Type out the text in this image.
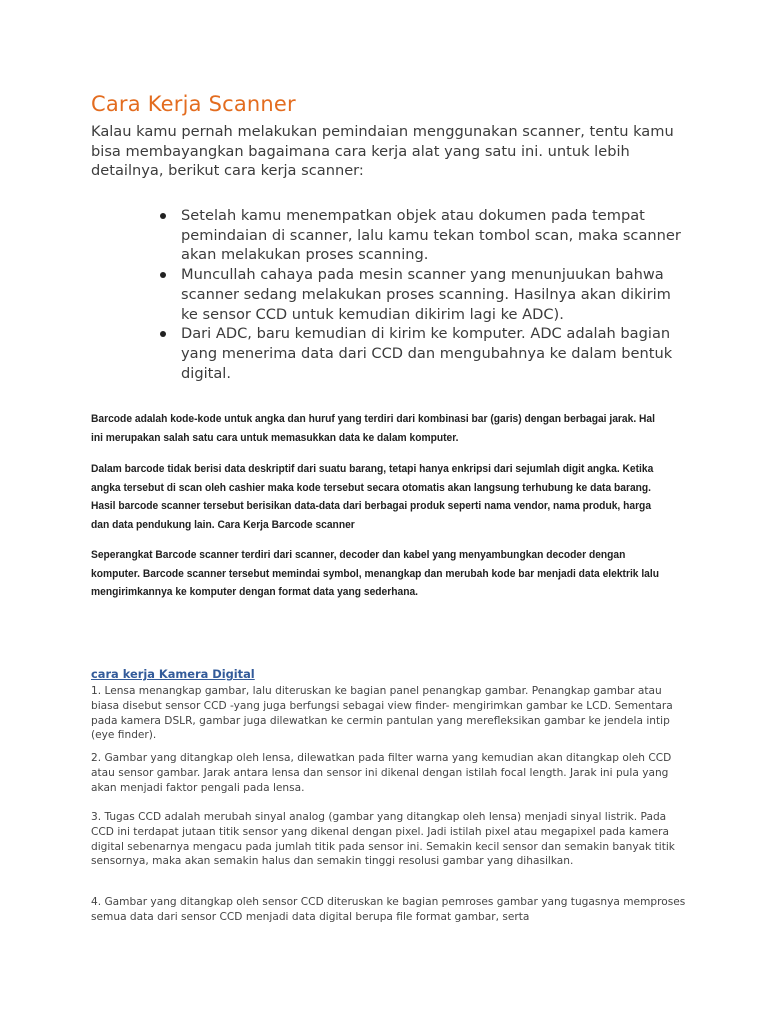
Cara Kerja Scanner

Kalau kamu pernah melakukan pemindaian menggunakan scanner, tentu kamu bisa membayangkan bagaimana cara kerja alat yang satu ini. untuk lebih detailnya, berikut cara kerja scanner:

Setelah kamu menempatkan objek atau dokumen pada tempat pemindaian di scanner, lalu kamu tekan tombol scan, maka scanner akan melakukan proses scanning.
Muncullah cahaya pada mesin scanner yang menunjuukan bahwa scanner sedang melakukan proses scanning. Hasilnya akan dikirim ke sensor CCD untuk kemudian dikirim lagi ke ADC).
Dari ADC, baru kemudian di kirim ke komputer. ADC adalah bagian yang menerima data dari CCD dan mengubahnya ke dalam bentuk digital.

Barcode adalah kode-kode untuk angka dan huruf yang terdiri dari kombinasi bar (garis) dengan berbagai jarak. Hal ini merupakan salah satu cara untuk memasukkan data ke dalam komputer.

Dalam barcode tidak berisi data deskriptif dari suatu barang, tetapi hanya enkripsi dari sejumlah digit angka. Ketika angka tersebut di scan oleh cashier maka kode tersebut secara otomatis akan langsung terhubung ke data barang. Hasil barcode scanner tersebut berisikan data-data dari berbagai produk seperti nama vendor, nama produk, harga dan data pendukung lain. Cara Kerja Barcode scanner

Seperangkat Barcode scanner terdiri dari scanner, decoder dan kabel yang menyambungkan decoder dengan komputer. Barcode scanner tersebut memindai symbol, menangkap dan merubah kode bar menjadi data elektrik lalu mengirimkannya ke komputer dengan format data yang sederhana.

cara kerja Kamera Digital

1. Lensa menangkap gambar, lalu diteruskan ke bagian panel penangkap gambar. Penangkap gambar atau biasa disebut sensor CCD -yang juga berfungsi sebagai view finder- mengirimkan gambar ke LCD. Sementara pada kamera DSLR, gambar juga dilewatkan ke cermin pantulan yang merefleksikan gambar ke jendela intip (eye finder).

2. Gambar yang ditangkap oleh lensa, dilewatkan pada filter warna yang kemudian akan ditangkap oleh CCD atau sensor gambar. Jarak antara lensa dan sensor ini dikenal dengan istilah focal length. Jarak ini pula yang akan menjadi faktor pengali pada lensa.

3. Tugas CCD adalah merubah sinyal analog (gambar yang ditangkap oleh lensa) menjadi sinyal listrik. Pada CCD ini terdapat jutaan titik sensor yang dikenal dengan pixel. Jadi istilah pixel atau megapixel pada kamera digital sebenarnya mengacu pada jumlah titik pada sensor ini. Semakin kecil sensor dan semakin banyak titik sensornya, maka akan semakin halus dan semakin tinggi resolusi gambar yang dihasilkan.

4. Gambar yang ditangkap oleh sensor CCD diteruskan ke bagian pemroses gambar yang tugasnya memproses semua data dari sensor CCD menjadi data digital berupa file format gambar, serta
